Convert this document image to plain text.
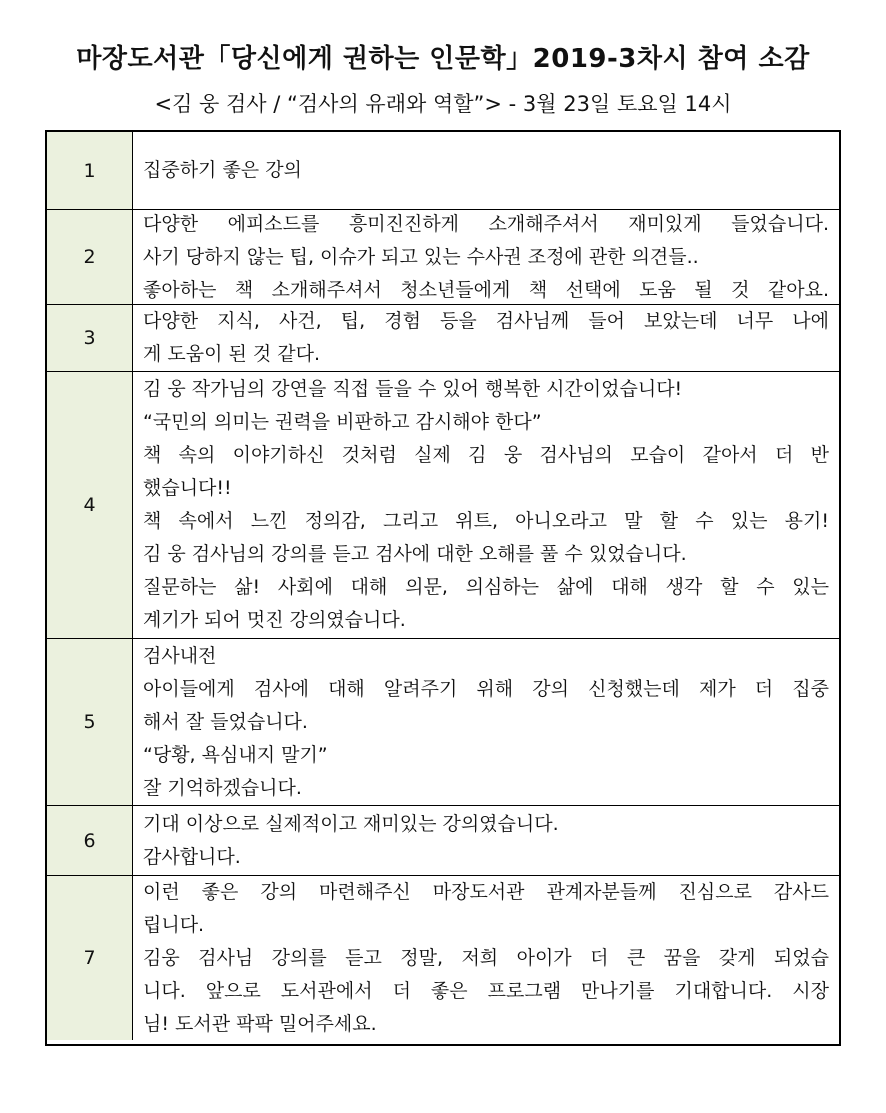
마장도서관「당신에게 권하는 인문학」2019-3차시 참여 소감
<김 웅 검사 / “검사의 유래와 역할”> - 3월 23일 토요일 14시
1	집중하기 좋은 강의
2
다양한 에피소드를 흥미진진하게 소개해주셔서 재미있게 들었습니다.
사기 당하지 않는 팁, 이슈가 되고 있는 수사권 조정에 관한 의견들..
좋아하는 책 소개해주셔서 청소년들에게 책 선택에 도움 될 것 같아요.
3
다양한 지식, 사건, 팁, 경험 등을 검사님께 들어 보았는데 너무 나에
게 도움이 된 것 같다.
4
김 웅 작가님의 강연을 직접 들을 수 있어 행복한 시간이었습니다!
“국민의 의미는 권력을 비판하고 감시해야 한다”
책 속의 이야기하신 것처럼 실제 김 웅 검사님의 모습이 같아서 더 반
했습니다!!
책 속에서 느낀 정의감, 그리고 위트, 아니오라고 말 할 수 있는 용기!
김 웅 검사님의 강의를 듣고 검사에 대한 오해를 풀 수 있었습니다.
질문하는 삶! 사회에 대해 의문, 의심하는 삶에 대해 생각 할 수 있는
계기가 되어 멋진 강의였습니다.
5
검사내전
아이들에게 검사에 대해 알려주기 위해 강의 신청했는데 제가 더 집중
해서 잘 들었습니다.
“당황, 욕심내지 말기”
잘 기억하겠습니다.
6
기대 이상으로 실제적이고 재미있는 강의였습니다.
감사합니다.
7
이런 좋은 강의 마련해주신 마장도서관 관계자분들께 진심으로 감사드
립니다.
김웅 검사님 강의를 듣고 정말, 저희 아이가 더 큰 꿈을 갖게 되었습
니다. 앞으로 도서관에서 더 좋은 프로그램 만나기를 기대합니다. 시장
님! 도서관 팍팍 밀어주세요.
